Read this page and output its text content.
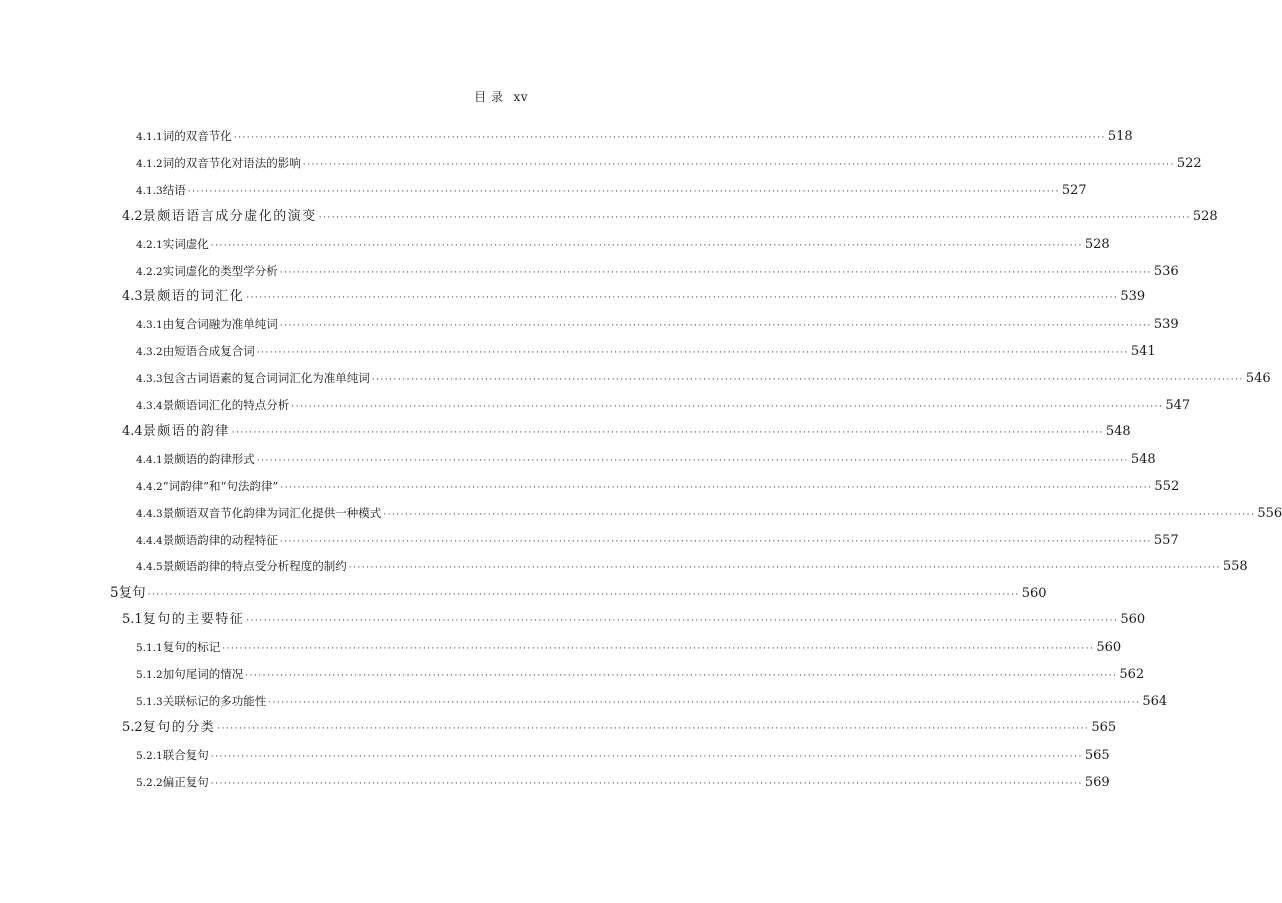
目 录 xv
4.1.1 词的双音节化 ········································································································································································································ 518
4.1.2 词的双音节化对语法的影响 ········································································································································································································ 522
4.1.3 结语 ········································································································································································································ 527
4.2 景颇语语言成分虚化的演变 ········································································································································································································ 528
4.2.1 实词虚化 ········································································································································································································ 528
4.2.2 实词虚化的类型学分析 ········································································································································································································ 536
4.3 景颇语的词汇化 ········································································································································································································ 539
4.3.1 由复合词融为准单纯词 ········································································································································································································ 539
4.3.2 由短语合成复合词 ········································································································································································································ 541
4.3.3 包含古词语素的复合词词汇化为准单纯词 ········································································································································································································ 546
4.3.4 景颇语词汇化的特点分析 ········································································································································································································ 547
4.4 景颇语的韵律 ········································································································································································································ 548
4.4.1 景颇语的韵律形式 ········································································································································································································ 548
4.4.2 “词韵律”和“句法韵律” ········································································································································································································ 552
4.4.3 景颇语双音节化韵律为词汇化提供一种模式 ········································································································································································································ 556
4.4.4 景颇语韵律的动程特征 ········································································································································································································ 557
4.4.5 景颇语韵律的特点受分析程度的制约 ········································································································································································································ 558
5 复句 ········································································································································································································ 560
5.1 复句的主要特征 ········································································································································································································ 560
5.1.1 复句的标记 ········································································································································································································ 560
5.1.2 加句尾词的情况 ········································································································································································································ 562
5.1.3 关联标记的多功能性 ········································································································································································································ 564
5.2 复句的分类 ········································································································································································································ 565
5.2.1 联合复句 ········································································································································································································ 565
5.2.2 偏正复句 ········································································································································································································ 569
